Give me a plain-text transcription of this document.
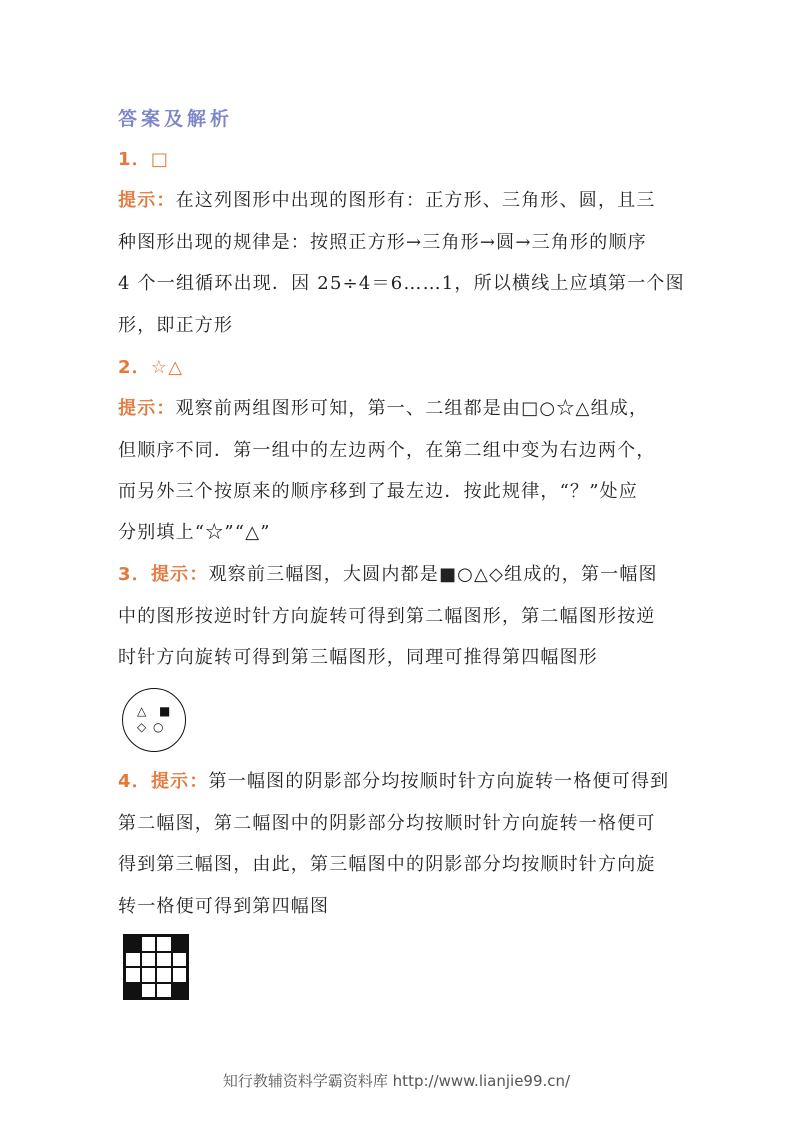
答案及解析
1．□
提示：在这列图形中出现的图形有：正方形、三角形、圆，且三
种图形出现的规律是：按照正方形→三角形→圆→三角形的顺序
4 个一组循环出现．因 25÷4＝6……1，所以横线上应填第一个图
形，即正方形
2．☆△
提示：观察前两组图形可知，第一、二组都是由□○☆△组成，
但顺序不同．第一组中的左边两个，在第二组中变为右边两个，
而另外三个按原来的顺序移到了最左边．按此规律，“？”处应
分别填上“☆”“△”
3．提示：观察前三幅图，大圆内都是■○△◇组成的，第一幅图
中的图形按逆时针方向旋转可得到第二幅图形，第二幅图形按逆
时针方向旋转可得到第三幅图形，同理可推得第四幅图形
△ ■
◇ ○
4．提示：第一幅图的阴影部分均按顺时针方向旋转一格便可得到
第二幅图，第二幅图中的阴影部分均按顺时针方向旋转一格便可
得到第三幅图，由此，第三幅图中的阴影部分均按顺时针方向旋
转一格便可得到第四幅图
知行教辅资料学霸资料库 http://www.lianjie99.cn/
